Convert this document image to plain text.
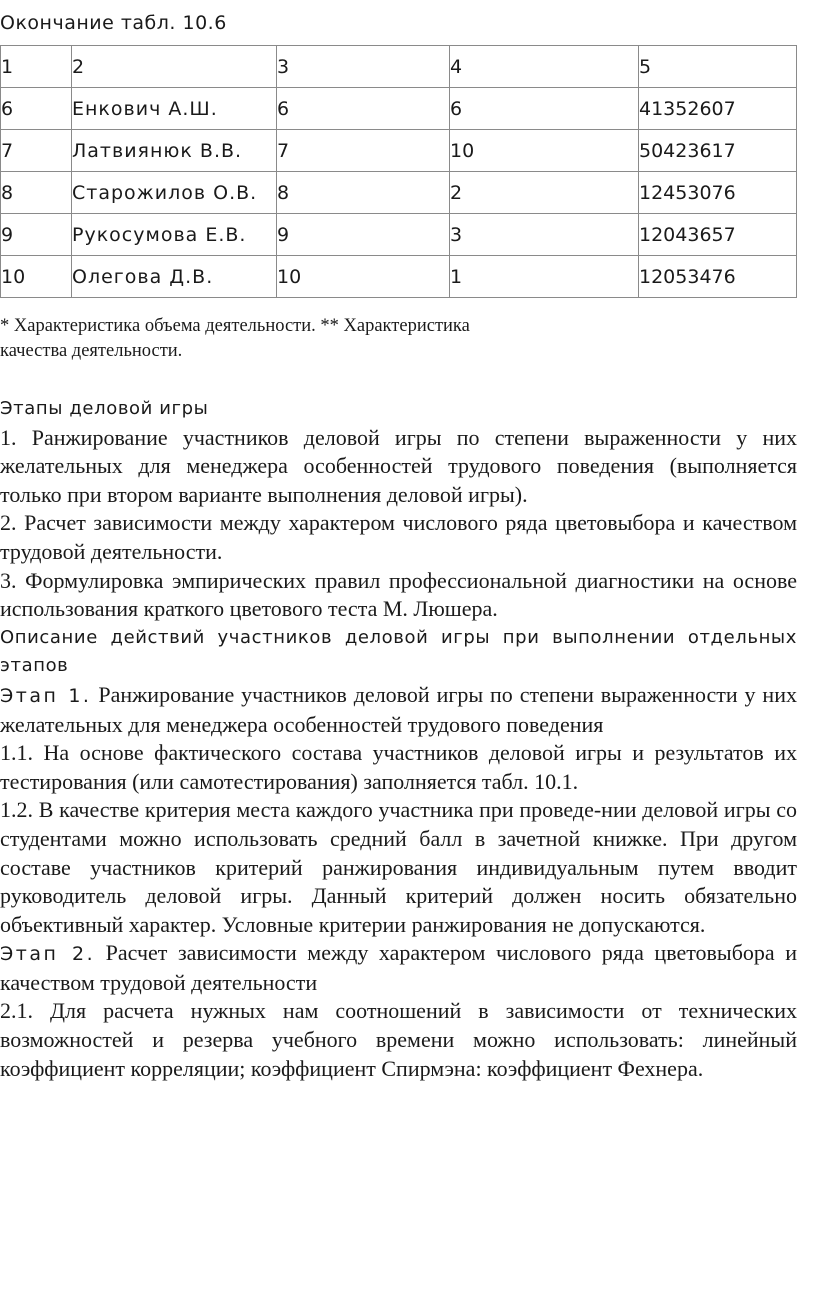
Окончание табл. 10.6
1	2	3	4	5
6	Енкович А.Ш.	6	6	41352607
7	Латвиянюк В.В.	7	10	50423617
8	Старожилов О.В.	8	2	12453076
9	Рукосумова Е.В.	9	3	12043657
10	Олегова Д.В.	10	1	12053476
* Характеристика объема деятельности. ** Характеристика качества деятельности.

Этапы деловой игры

1. Ранжирование участников деловой игры по степени выраженности у них желательных для менеджера особенностей трудового поведения (выполняется только при втором варианте выполнения деловой игры).

2. Расчет зависимости между характером числового ряда цветовыбора и качеством трудовой деятельности.

3. Формулировка эмпирических правил профессиональной диагностики на основе использования краткого цветового теста М. Люшера.

Описание действий участников деловой игры при выполнении отдельных этапов

Этап 1. Ранжирование участников деловой игры по степени выраженности у них желательных для менеджера особенностей трудового поведения

1.1. На основе фактического состава участников деловой игры и результатов их тестирования (или самотестирования) заполняется табл. 10.1.

1.2. В качестве критерия места каждого участника при проведе-нии деловой игры со студентами можно использовать средний балл в зачетной книжке. При другом составе участников критерий ранжирования индивидуальным путем вводит руководитель деловой игры. Данный критерий должен носить обязательно объективный характер. Условные критерии ранжирования не допускаются.

Этап 2. Расчет зависимости между характером числового ряда цветовыбора и качеством трудовой деятельности

2.1. Для расчета нужных нам соотношений в зависимости от технических возможностей и резерва учебного времени можно использовать: линейный коэффициент корреляции; коэффициент Спирмэна: коэффициент Фехнера.
